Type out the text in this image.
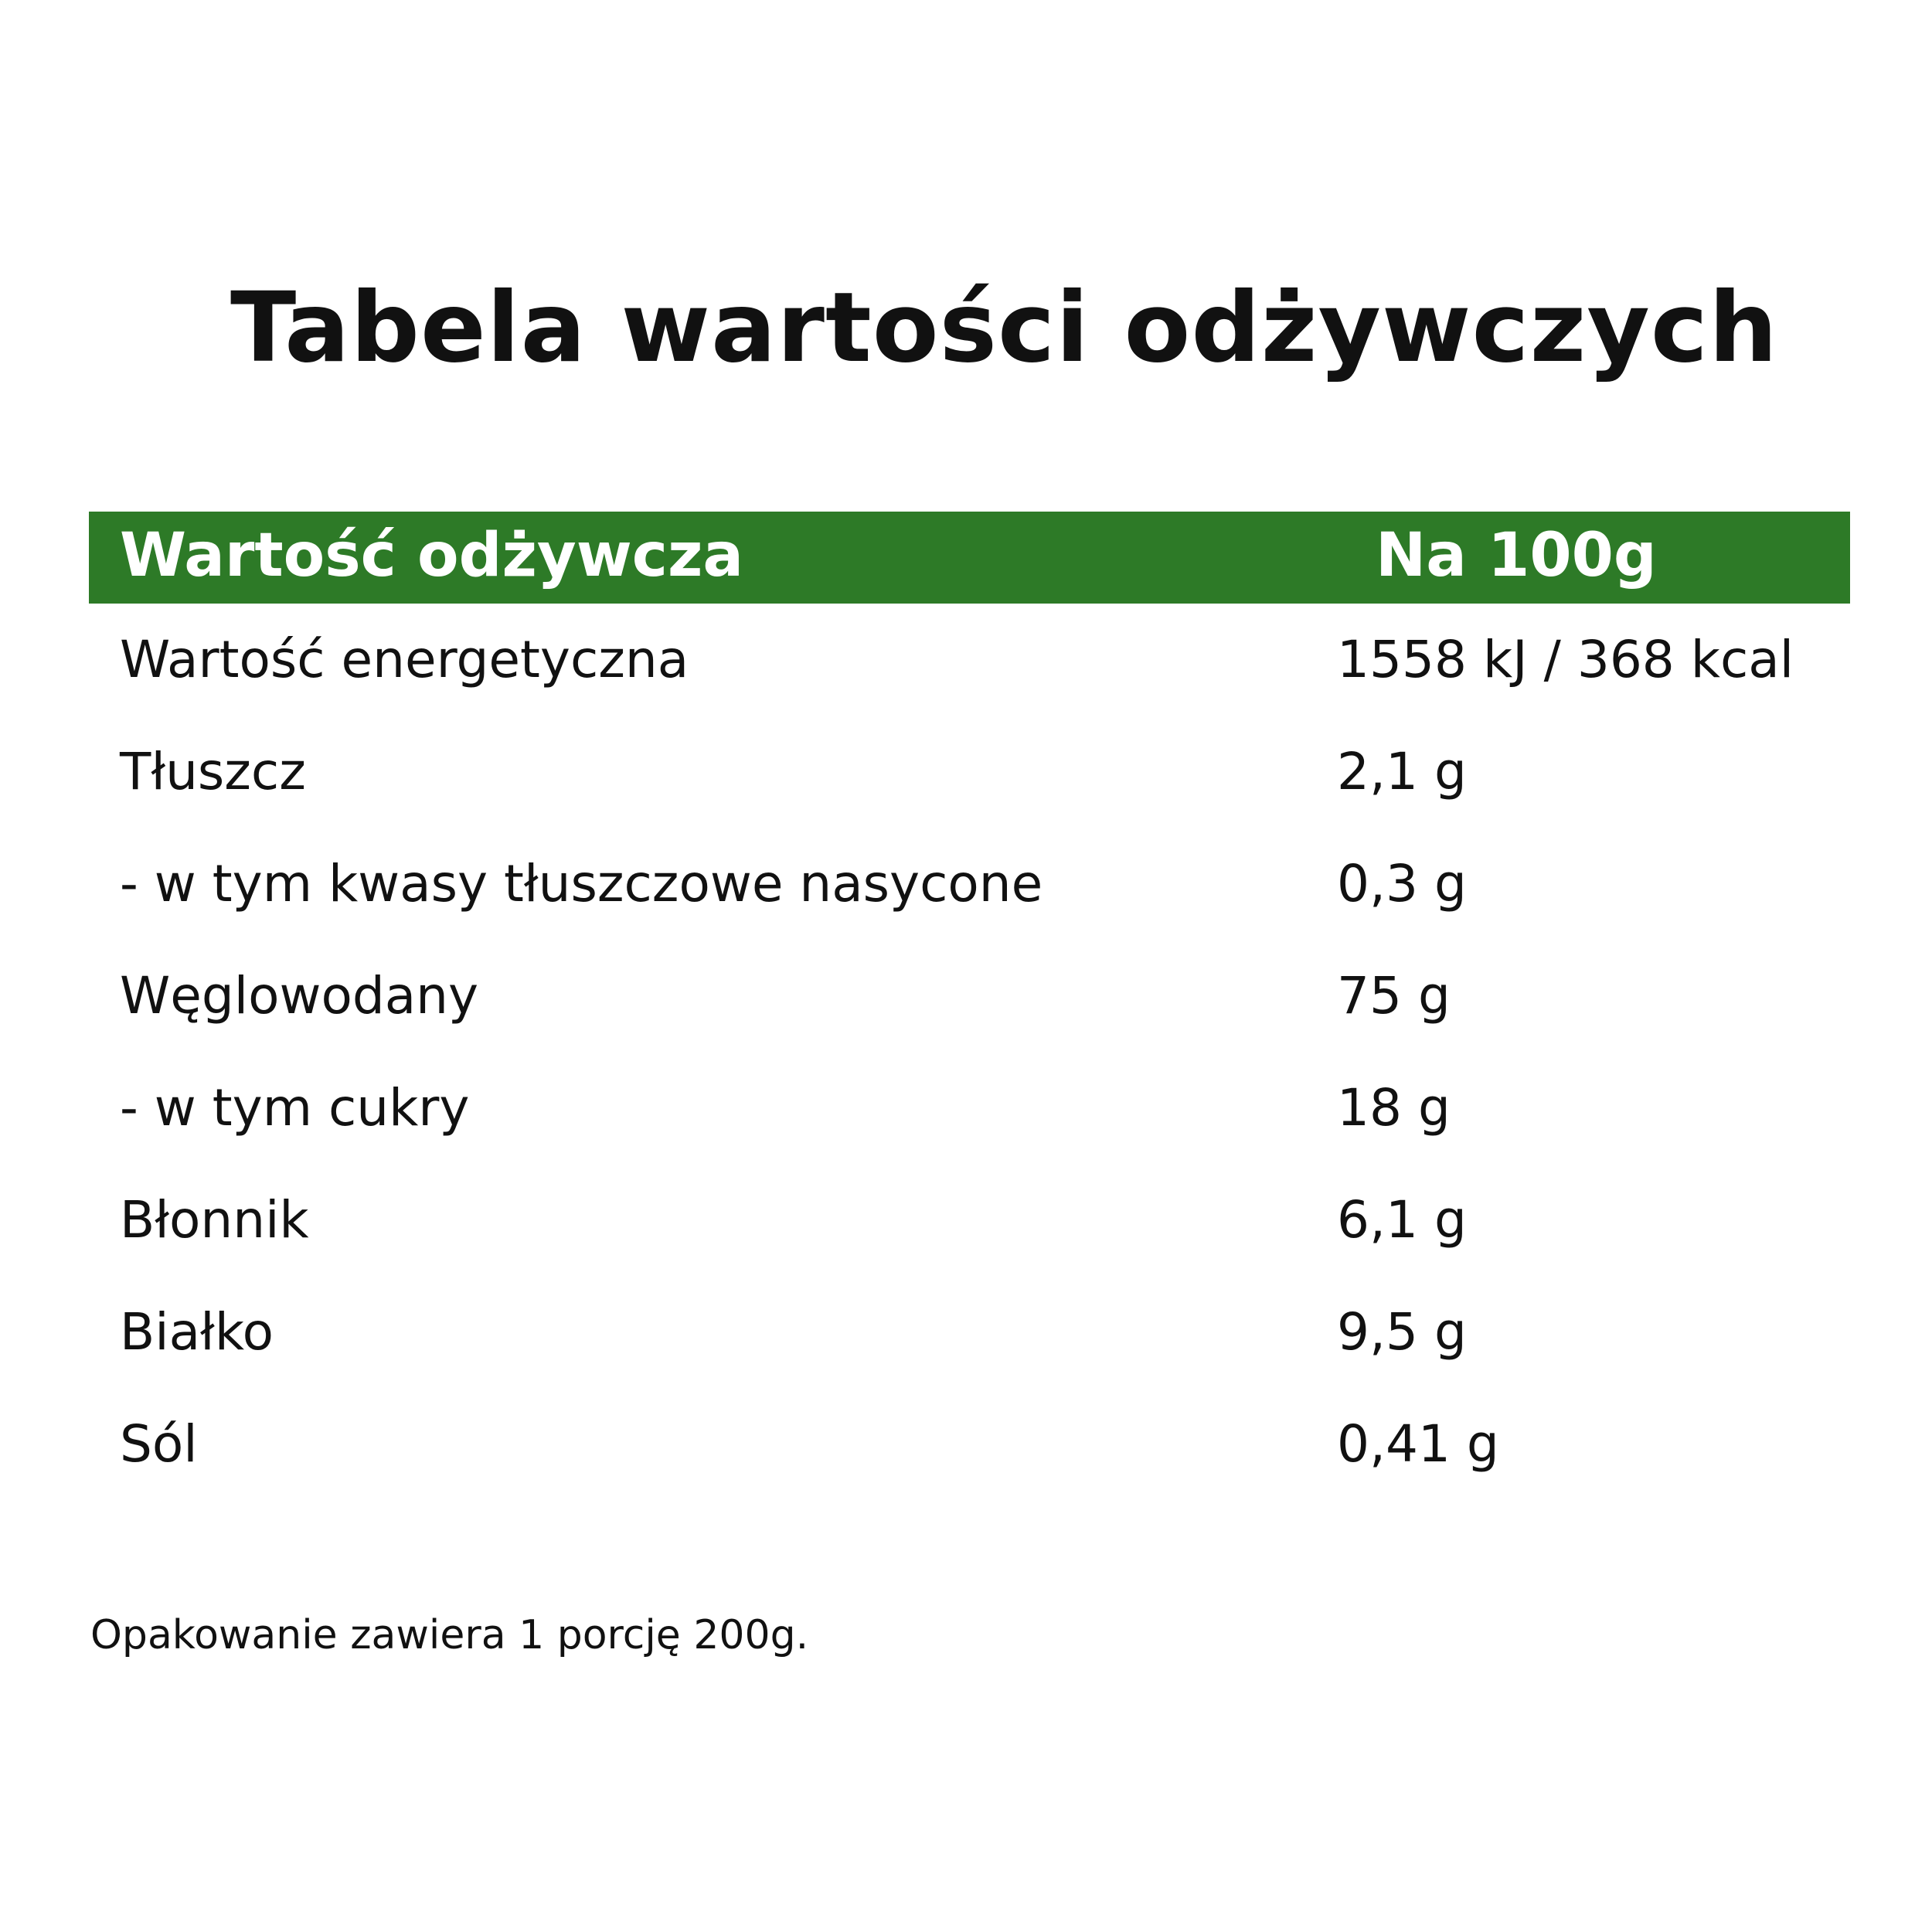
Tabela wartości odżywczych
Wartość odżywcza	Na 100g
Wartość energetyczna	1558 kJ / 368 kcal
Tłuszcz	2,1 g
- w tym kwasy tłuszczowe nasycone	0,3 g
Węglowodany	75 g
- w tym cukry	18 g
Błonnik	6,1 g
Białko	9,5 g
Sól	0,41 g
Opakowanie zawiera 1 porcję 200g.
